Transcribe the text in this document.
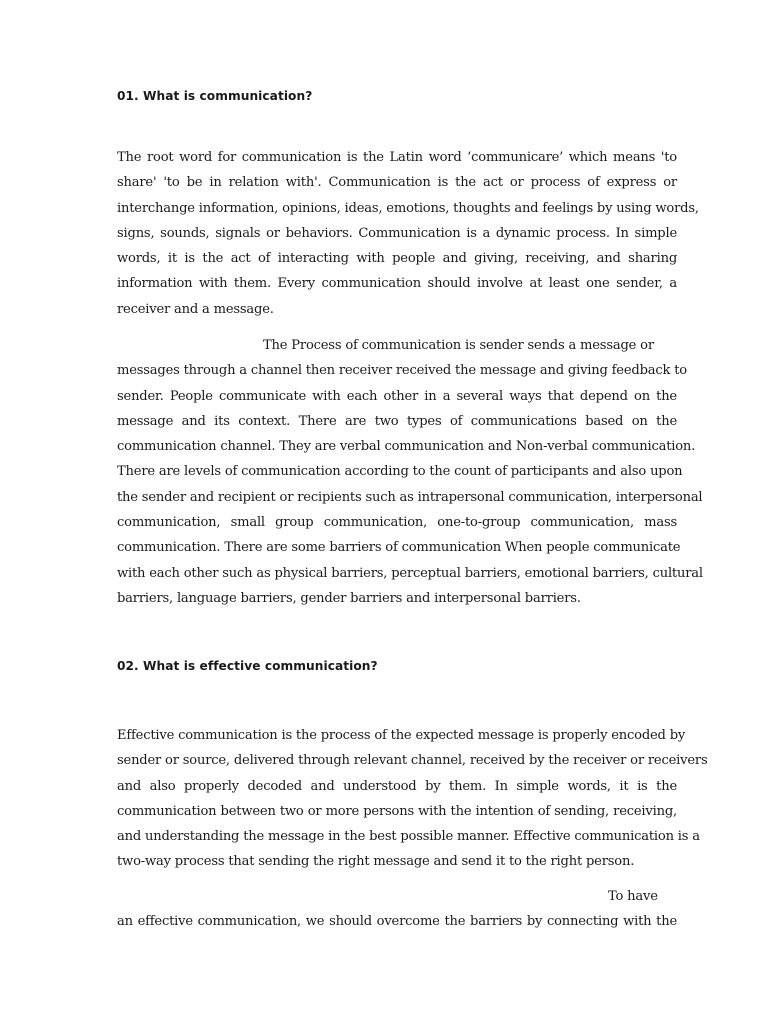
01. What is communication?
The root word for communication is the Latin word ‘communicare’ which means 'to
share' 'to be in relation with'. Communication is the act or process of express or
interchange information, opinions, ideas, emotions, thoughts and feelings by using words,
signs, sounds, signals or behaviors. Communication is a dynamic process. In simple
words, it is the act of interacting with people and giving, receiving, and sharing
information with them. Every communication should involve at least one sender, a
receiver and a message.
The Process of communication is sender sends a message or
messages through a channel then receiver received the message and giving feedback to
sender. People communicate with each other in a several ways that depend on the
message and its context. There are two types of communications based on the
communication channel. They are verbal communication and Non-verbal communication.
There are levels of communication according to the count of participants and also upon
the sender and recipient or recipients such as intrapersonal communication, interpersonal
communication, small group communication, one-to-group communication, mass
communication. There are some barriers of communication When people communicate
with each other such as physical barriers, perceptual barriers, emotional barriers, cultural
barriers, language barriers, gender barriers and interpersonal barriers.
02. What is effective communication?
Effective communication is the process of the expected message is properly encoded by
sender or source, delivered through relevant channel, received by the receiver or receivers
and also properly decoded and understood by them. In simple words, it is the
communication between two or more persons with the intention of sending, receiving,
and understanding the message in the best possible manner. Effective communication is a
two-way process that sending the right message and send it to the right person.
To have
an effective communication, we should overcome the barriers by connecting with the
